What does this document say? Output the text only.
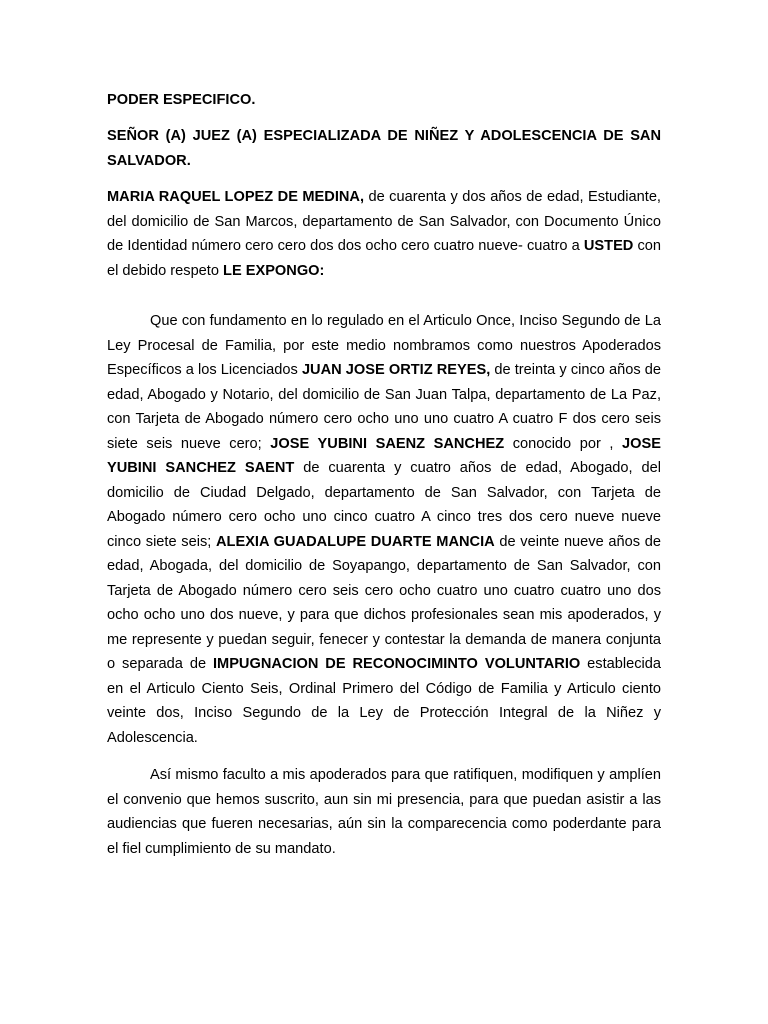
PODER ESPECIFICO.

SEÑOR (A) JUEZ (A) ESPECIALIZADA DE NIÑEZ Y ADOLESCENCIA DE SAN SALVADOR.

MARIA RAQUEL LOPEZ DE MEDINA, de cuarenta y dos años de edad, Estudiante, del domicilio de San Marcos, departamento de San Salvador, con Documento Único de Identidad número cero cero dos dos ocho cero cuatro nueve- cuatro a USTED con el debido respeto LE EXPONGO:

Que con fundamento en lo regulado en el Articulo Once, Inciso Segundo de La Ley Procesal de Familia, por este medio nombramos como nuestros Apoderados Específicos a los Licenciados JUAN JOSE ORTIZ REYES, de treinta y cinco años de edad, Abogado y Notario, del domicilio de San Juan Talpa, departamento de La Paz, con Tarjeta de Abogado número cero ocho uno uno cuatro A cuatro F dos cero seis siete seis nueve cero; JOSE YUBINI SAENZ SANCHEZ conocido por , JOSE YUBINI SANCHEZ SAENT de cuarenta y cuatro años de edad, Abogado, del domicilio de Ciudad Delgado, departamento de San Salvador, con Tarjeta de Abogado número cero ocho uno cinco cuatro A cinco tres dos cero nueve nueve cinco siete seis; ALEXIA GUADALUPE DUARTE MANCIA de veinte nueve años de edad, Abogada, del domicilio de Soyapango, departamento de San Salvador, con Tarjeta de Abogado número cero seis cero ocho cuatro uno cuatro cuatro uno dos ocho ocho uno dos nueve, y para que dichos profesionales sean mis apoderados, y me represente y puedan seguir, fenecer y contestar la demanda de manera conjunta o separada de IMPUGNACION DE RECONOCIMINTO VOLUNTARIO establecida en el Articulo Ciento Seis, Ordinal Primero del Código de Familia y Articulo ciento veinte dos, Inciso Segundo de la Ley de Protección Integral de la Niñez y Adolescencia.

Así mismo faculto a mis apoderados para que ratifiquen, modifiquen y amplíen el convenio que hemos suscrito, aun sin mi presencia, para que puedan asistir a las audiencias que fueren necesarias, aún sin la comparecencia como poderdante para el fiel cumplimiento de su mandato.
